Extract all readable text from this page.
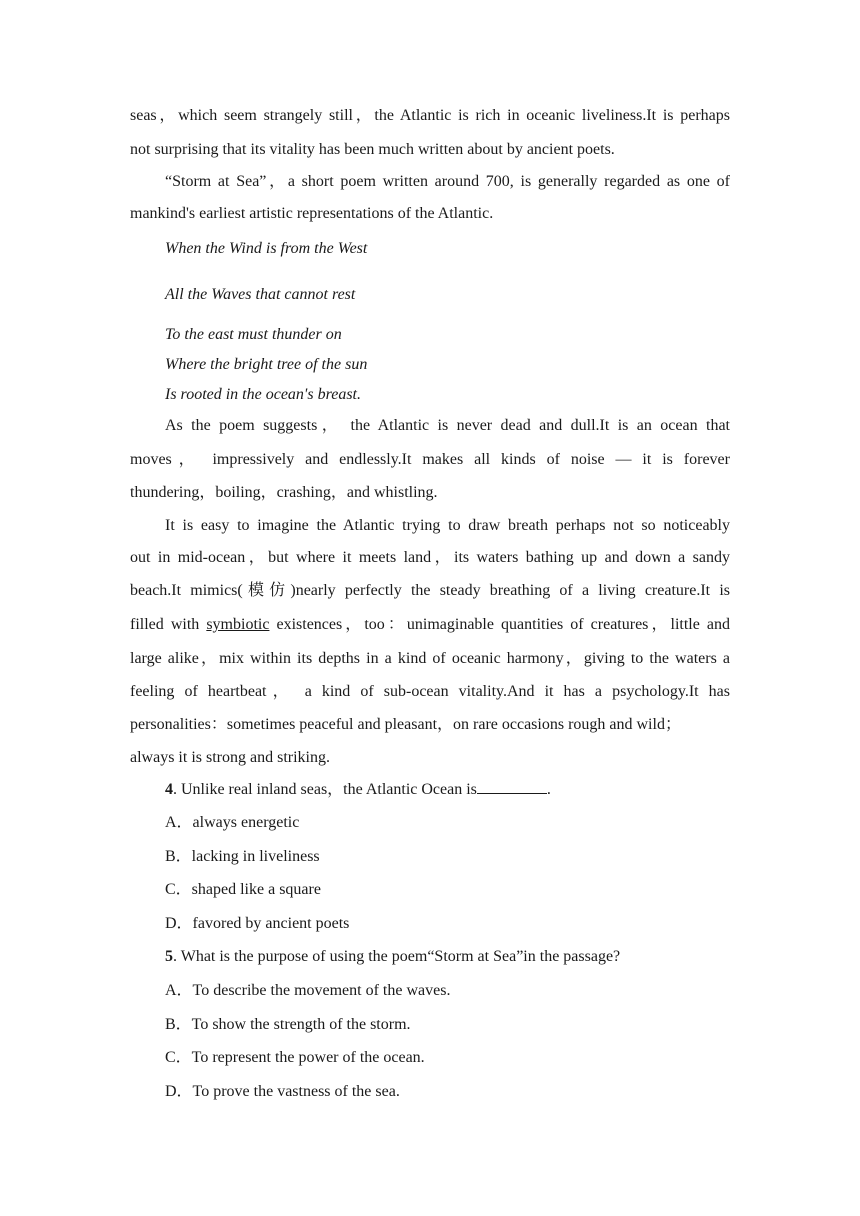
seas，which seem strangely still，the Atlantic is rich in oceanic liveliness.It is perhaps
not surprising that its vitality has been much written about by ancient poets.
“Storm at Sea”，a short poem written around 700, is generally regarded as one of
mankind's earliest artistic representations of the Atlantic.
When the Wind is from the West
All the Waves that cannot rest
To the east must thunder on
Where the bright tree of the sun
Is rooted in the ocean's breast.
As the poem suggests， the Atlantic is never dead and dull.It is an ocean that
moves， impressively and endlessly.It makes all kinds of noise — it is forever
thundering，boiling，crashing，and whistling.
It is easy to imagine the Atlantic trying to draw breath perhaps not so noticeably
out in mid-ocean，but where it meets land，its waters bathing up and down a sandy
beach.It mimics(模仿)nearly perfectly the steady breathing of a living creature.It is
filled with symbiotic existences，too：unimaginable quantities of creatures，little and
large alike，mix within its depths in a kind of oceanic harmony，giving to the waters a
feeling of heartbeat， a kind of sub-ocean vitality.And it has a psychology.It has
personalities：sometimes peaceful and pleasant，on rare occasions rough and wild；
always it is strong and striking.
4. Unlike real inland seas，the Atlantic Ocean is	.
A．always energetic
B．lacking in liveliness
C．shaped like a square
D．favored by ancient poets
5. What is the purpose of using the poem“Storm at Sea”in the passage?
A．To describe the movement of the waves.
B．To show the strength of the storm.
C．To represent the power of the ocean.
D．To prove the vastness of the sea.
